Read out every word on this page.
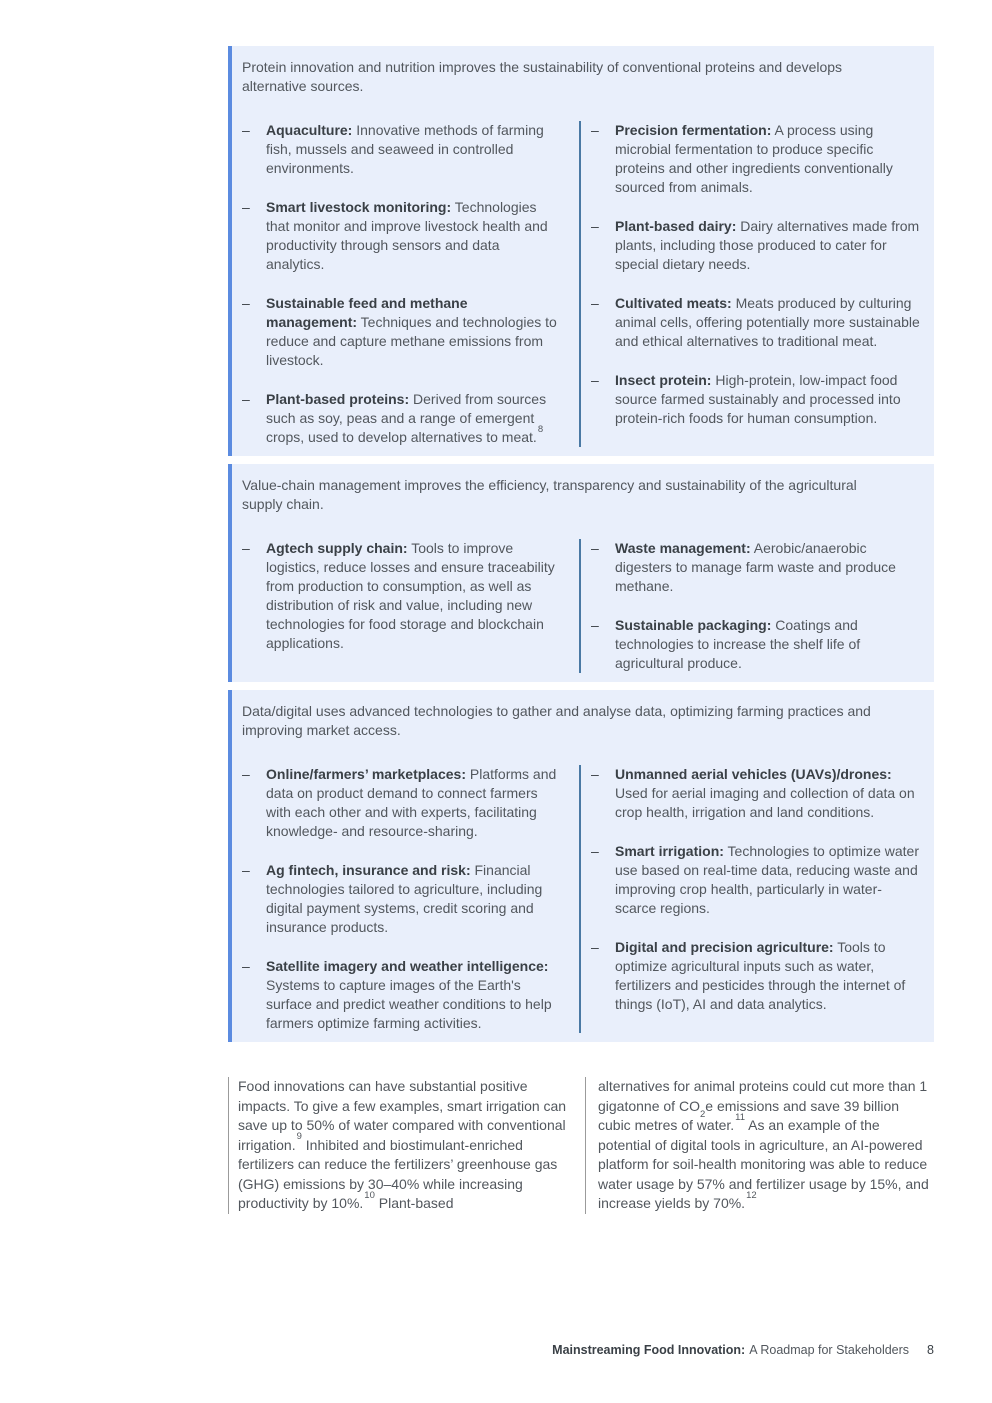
Protein innovation and nutrition improves the sustainability of conventional proteins and develops alternative sources.

–	Aquaculture: Innovative methods of farming fish, mussels and seaweed in controlled environments.
–	Smart livestock monitoring: Technologies that monitor and improve livestock health and productivity through sensors and data analytics.
–	Sustainable feed and methane management: Techniques and technologies to reduce and capture methane emissions from livestock.
–	Plant-based proteins: Derived from sources such as soy, peas and a range of emergent crops, used to develop alternatives to meat.$^8$
–	Precision fermentation: A process using microbial fermentation to produce specific proteins and other ingredients conventionally sourced from animals.
–	Plant-based dairy: Dairy alternatives made from plants, including those produced to cater for special dietary needs.
–	Cultivated meats: Meats produced by culturing animal cells, offering potentially more sustainable and ethical alternatives to traditional meat.
–	Insect protein: High-protein, low-impact food source farmed sustainably and processed into protein-rich foods for human consumption.

Value-chain management improves the efficiency, transparency and sustainability of the agricultural supply chain.

–	Agtech supply chain: Tools to improve logistics, reduce losses and ensure traceability from production to consumption, as well as distribution of risk and value, including new technologies for food storage and blockchain applications.
–	Waste management: Aerobic/anaerobic digesters to manage farm waste and produce methane.
–	Sustainable packaging: Coatings and technologies to increase the shelf life of agricultural produce.

Data/digital uses advanced technologies to gather and analyse data, optimizing farming practices and improving market access.

–	Online/farmers’ marketplaces: Platforms and data on product demand to connect farmers with each other and with experts, facilitating knowledge- and resource-sharing.
–	Ag fintech, insurance and risk: Financial technologies tailored to agriculture, including digital payment systems, credit scoring and insurance products.
–	Satellite imagery and weather intelligence: Systems to capture images of the Earth's surface and predict weather conditions to help farmers optimize farming activities.
–	Unmanned aerial vehicles (UAVs)/drones: Used for aerial imaging and collection of data on crop health, irrigation and land conditions.
–	Smart irrigation: Technologies to optimize water use based on real-time data, reducing waste and improving crop health, particularly in water-scarce regions.
–	Digital and precision agriculture: Tools to optimize agricultural inputs such as water, fertilizers and pesticides through the internet of things (IoT), AI and data analytics.

Food innovations can have substantial positive impacts. To give a few examples, smart irrigation can save up to 50% of water compared with conventional irrigation.$^9$ Inhibited and biostimulant-enriched fertilizers can reduce the fertilizers’ greenhouse gas (GHG) emissions by 30–40% while increasing productivity by 10%.$^{10}$ Plant-based

alternatives for animal proteins could cut more than 1 gigatonne of $CO_2e$ emissions and save 39 billion cubic metres of water.$^{11}$ As an example of the potential of digital tools in agriculture, an AI-powered platform for soil-health monitoring was able to reduce water usage by 57% and fertilizer usage by 15%, and increase yields by 70%.$^{12}$

Mainstreaming Food Innovation: A Roadmap for Stakeholders 8
